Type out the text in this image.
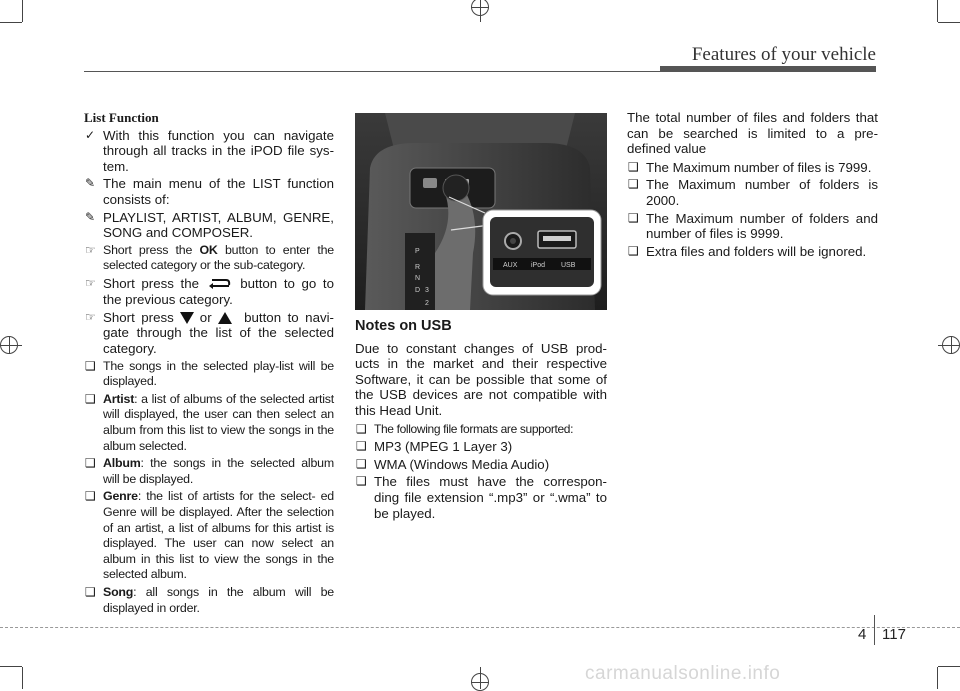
Features of your vehicle
List Function
✓ With this function you can navigate through all tracks in the iPOD file sys- tem.
✎ The main menu of the LIST function consists of:
✎ PLAYLIST, ARTIST, ALBUM, GENRE, SONG and COMPOSER.
☞ Short press the OK button to enter the selected category or the sub-category.
☞ Short press the	button to go to the previous category.
☞ Short press or button to navi- gate through the list of the selected category.
❑ The songs in the selected play-list will be displayed.
❑ Artist: a list of albums of the selected artist will displayed, the user can then select an album from this list to view the songs in the album selected.
❑ Album: the songs in the selected album will be displayed.
❑ Genre: the list of artists for the select- ed Genre will be displayed. After the selection of an artist, a list of albums for this artist is displayed. The user can now select an album in this list to view the songs in the selected album.
❑ Song: all songs in the album will be displayed in order.
AUX iPod USB
P
R
N
D 3
2
Notes on USB
Due to constant changes of USB prod- ucts in the market and their respective Software, it can be possible that some of the USB devices are not compatible with this Head Unit.
❑ The following file formats are supported:
❑ MP3 (MPEG 1 Layer 3)
❑ WMA (Windows Media Audio)
❑ The files must have the correspon- ding file extension “.mp3” or “.wma” to be played.
The total number of files and folders that can be searched is limited to a pre- defined value
❑ The Maximum number of files is 7999.
❑ The Maximum number of folders is 2000.
❑ The Maximum number of folders and number of files is 9999.
❑ Extra files and folders will be ignored.
4 117
carmanualsonline.info
